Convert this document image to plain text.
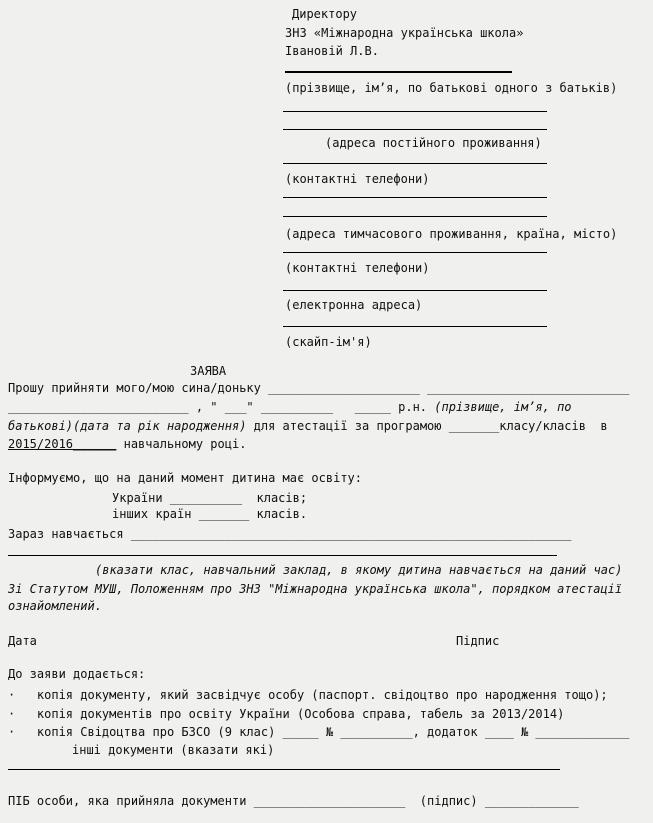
Директору
ЗНЗ «Міжнародна українська школа»
Івановій Л.В.
(прізвище, ім’я, по батькові одного з батьків)
(адреса постійного проживання)
(контактні телефони)
(адреса тимчасового проживання, країна, місто)
(контактні телефони)
(електронна адреса)
(скайп-ім'я)
ЗАЯВА
Прошу прийняти мого/мою сина/доньку _____________________ ____________________________
_________________________ , " ___" __________   _____ р.н. (прізвище, ім’я, по
батькові)(дата та рік народження) для атестації за програмою _______класу/класів  в
2015/2016______ навчальному році.
Інформуємо, що на даний момент дитина має освіту:
України __________  класів;
інших країн _______ класів.
Зараз навчається _____________________________________________________________
(вказати клас, навчальний заклад, в якому дитина навчається на даний час)
Зі Статутом МУШ, Положенням про ЗНЗ "Міжнародна українська школа", порядком атестації
ознайомлений.
Дата	Підпис
До заяви додається:
·   копія документу, який засвідчує особу (паспорт. свідоцтво про народження тощо);
·   копія документів про освіту України (Особова справа, табель за 2013/2014)
·   копія Свідоцтва про БЗСО (9 клас) _____ № __________, додаток ____ № _____________
інші документи (вказати які)
ПІБ особи, яка прийняла документи _____________________  (підпис) _____________
